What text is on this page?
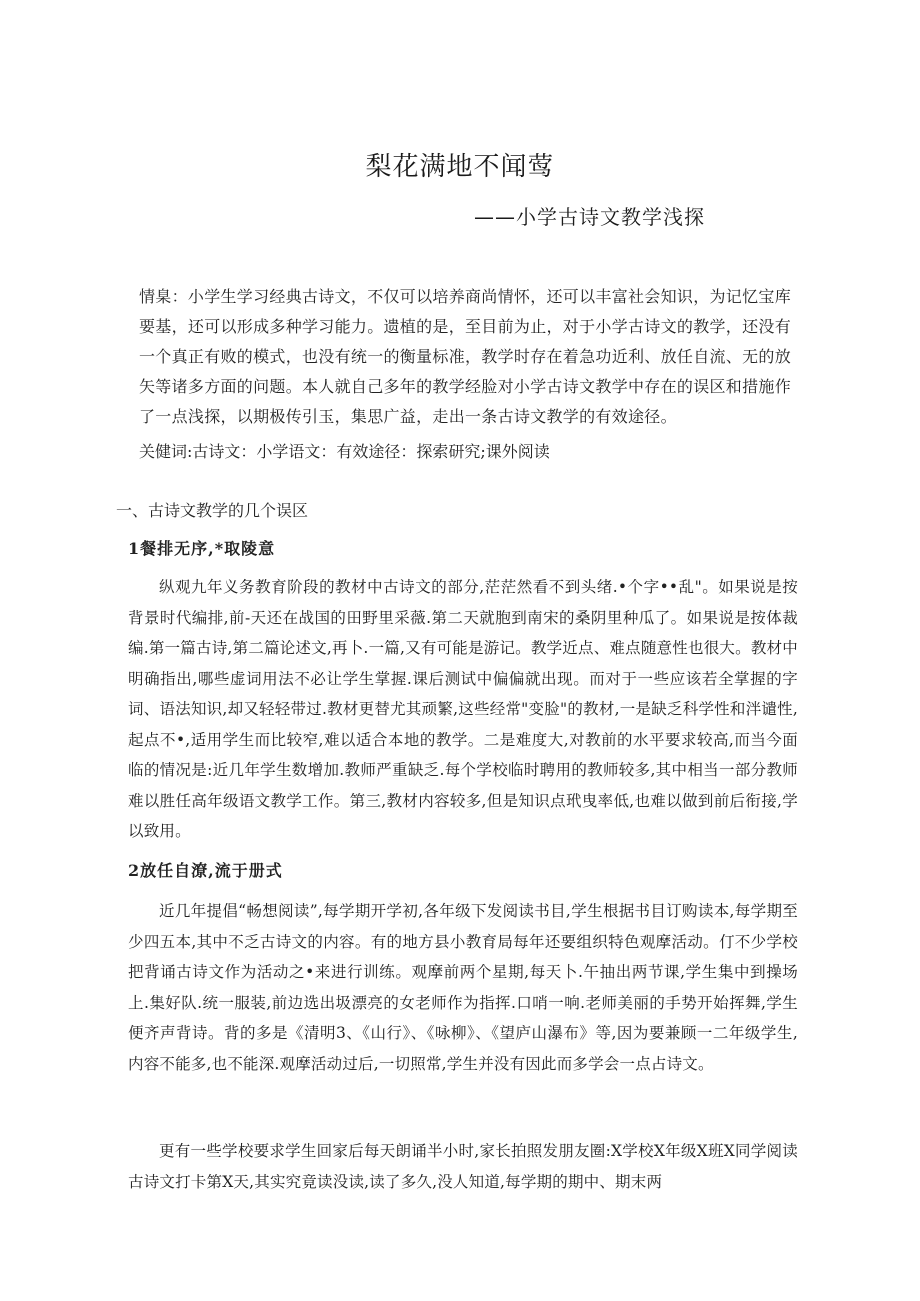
梨花满地不闻莺
——小学古诗文教学浅探

情臬：小学生学习经典古诗文，不仅可以培养商尚情怀，还可以丰富社会知识，为记忆宝库要基，还可以形成多种学习能力。遗植的是，至目前为止，对于小学古诗文的教学，还没有一个真正有败的模式，也没有统一的衡量标准，教学时存在着急功近利、放任自流、无的放矢等诸多方面的问题。本人就自己多年的教学经脸对小学古诗文教学中存在的误区和措施作了一点浅探，以期极传引玉，集思广益，走出一条古诗文教学的有效途径。

关健词:古诗文：小学语文：有效途径：探索研究;课外阅读
一、古诗文教学的几个误区
1餐排无序,*取陵意

纵观九年义务教育阶段的教材中古诗文的部分,茫茫然看不到头绪.•个字••乱"。如果说是按背景时代编排,前-天还在战国的田野里采薇.第二天就胞到南宋的桑阴里种瓜了。如果说是按体裁编.第一篇古诗,第二篇论述文,再卜.一篇,又有可能是游记。教学近点、难点随意性也很大。教材中明确指出,哪些虚词用法不必让学生掌握.课后测试中偏偏就出现。而对于一些应该若全掌握的字词、语法知识,却又轻轻带过.教材更替尤其顽繁,这些经常"变脸"的教材,一是缺乏科学性和泮谴性,起点不•,适用学生而比较窄,难以适合本地的教学。二是难度大,对教前的水平要求较高,而当今面临的情况是:近几年学生数增加.教师严重缺乏.每个学校临时聘用的教师较多,其中相当一部分教师难以胜任高年级语文教学工作。第三,教材内容较多,但是知识点玳曳率低,也难以做到前后衔接,学以致用。

2放任自潦,流于册式

近几年提倡“畅想阅读”,每学期开学初,各年级下发阅读书目,学生根据书目订购读本,每学期至少四五本,其中不乏古诗文的内容。有的地方县小教育局每年还要组织特色观摩活动。仃不少学校把背诵古诗文作为活动之•来进行训练。观摩前两个星期,每天卜.午抽出两节课,学生集中到操场上.集好队.统一服装,前边选出圾漂亮的女老师作为指挥.口哨一响.老师美丽的手势开始挥舞,学生便齐声背诗。背的多是《清明3、《山行》、《咏柳》、《望庐山瀑布》等,因为要兼顾一二年级学生,内容不能多,也不能深.观摩活动过后,一切照常,学生并没有因此而多学会一点占诗文。

更有一些学校要求学生回家后每天朗诵半小时,家长拍照发朋友圈:X学校X年级X班X同学阅读古诗文打卡第X天,其实究竟读没读,读了多久,没人知道,每学期的期中、期末两
